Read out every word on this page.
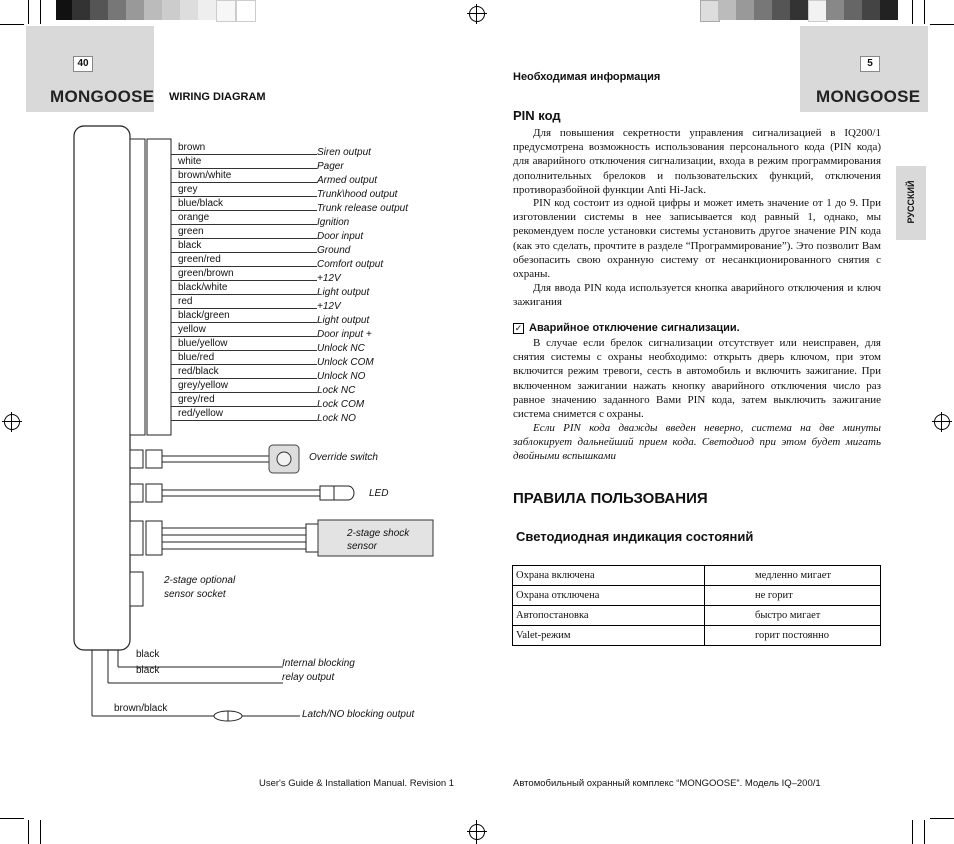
40
MONGOOSE WIRING DIAGRAM
brown	Siren output
white	Pager
brown/white	Armed output
grey	Trunk\hood output
blue/black	Trunk release output
orange	Ignition
green	Door input
black	Ground
green/red	Comfort output
green/brown	+12V
black/white	Light output
red	+12V
black/green	Light output
yellow	Door input +
blue/yellow	Unlock NC
blue/red	Unlock COM
red/black	Unlock NO
grey/yellow	Lock NC
grey/red	Lock COM
red/yellow	Lock NO
Override switch
LED
2-stage shock sensor
2-stage optional
sensor socket
black
black
Internal blocking
relay output
brown/black
Latch/NO blocking output
User's Guide & Installation Manual. Revision 1
5
MONGOOSE
РУССКИЙ
Необходимая информация
PIN код
Для повышения секретности управления сигнализацией в IQ200/1 предусмотрена возможность использования персонального кода (PIN кода) для аварийного отключения сигнализации, входа в режим программирования дополнительных брелоков и пользовательских функций, отключения противоразбойной функции Anti Hi-Jack.
PIN код состоит из одной цифры и может иметь значение от 1 до 9. При изготовлении системы в нее записывается код равный 1, однако, мы рекомендуем после установки системы установить другое значение PIN кода (как это сделать, прочтите в разделе “Программирование”). Это позволит Вам обезопасить свою охранную систему от несанкционированного снятия с охраны.
Для ввода PIN кода используется кнопка аварийного отключения и ключ зажигания
✓ Аварийное отключение сигнализации.
В случае если брелок сигнализации отсутствует или неисправен, для снятия системы с охраны необходимо: открыть дверь ключом, при этом включится режим тревоги, сесть в автомобиль и включить зажигание. При включенном зажигании нажать кнопку аварийного отключения число раз равное значению заданного Вами PIN кода, затем выключить зажигание система снимется с охраны.
Если PIN кода дважды введен неверно, система на две минуты заблокирует дальнейший прием кода. Светодиод при этом будет мигать двойными вспышками
ПРАВИЛА ПОЛЬЗОВАНИЯ
Светодиодная индикация состояний
Охрана включена	медленно мигает
Охрана отключена	не горит
Автопостановка	быстро мигает
Valet-режим	горит постоянно
Автомобильный охранный комплекс “MONGOOSE”. Модель IQ–200/1
